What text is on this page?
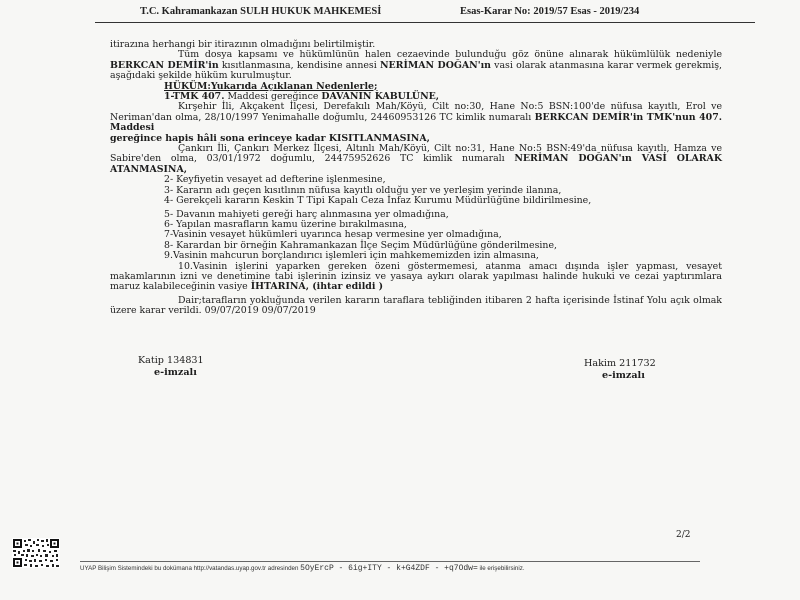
T.C. Kahramankazan SULH HUKUK MAHKEMESİ	Esas-Karar No: 2019/57 Esas - 2019/234

itirazına herhangi bir itirazının olmadığını belirtilmiştir.

Tüm dosya kapsamı ve hükümlünün halen cezaevinde bulunduğu göz önüne alınarak hükümlülük nedeniyle BERKCAN DEMİR'in kısıtlanmasına, kendisine annesi NERİMAN DOĞAN'ın vasi olarak atanmasına karar vermek gerekmiş, aşağıdaki şekilde hüküm kurulmuştur.

HÜKÜM:Yukarıda Açıklanan Nedenlerle;

1-TMK 407. Maddesi gereğince DAVANIN KABULÜNE,

Kırşehir İli, Akçakent İlçesi, Derefakılı Mah/Köyü, Cilt no:30, Hane No:5 BSN:100'de nüfusa kayıtlı, Erol ve Neriman'dan olma, 28/10/1997 Yenimahalle doğumlu, 24460953126 TC kimlik numaralı BERKCAN DEMİR'in TMK'nun 407. Maddesi
gereğince hapis hâli sona erinceye kadar KISITLANMASINA,

Çankırı İli, Çankırı Merkez İlçesi, Altınlı Mah/Köyü, Cilt no:31, Hane No:5 BSN:49'da nüfusa kayıtlı, Hamza ve Sabire'den olma, 03/01/1972 doğumlu, 24475952626 TC kimlik numaralı NERİMAN DOĞAN'ın VASİ OLARAK ATANMASINA,

2- Keyfiyetin vesayet ad defterine işlenmesine,

3- Kararın adı geçen kısıtlının nüfusa kayıtlı olduğu yer ve yerleşim yerinde ilanına,

4- Gerekçeli kararın Keskin T Tipi Kapalı Ceza İnfaz Kurumu Müdürlüğüne bildirilmesine,

5- Davanın mahiyeti gereği harç alınmasına yer olmadığına,

6- Yapılan masrafların kamu üzerine bırakılmasına,

7-Vasinin vesayet hükümleri uyarınca hesap vermesine yer olmadığına,

8- Karardan bir örneğin Kahramankazan İlçe Seçim Müdürlüğüne gönderilmesine,

9.Vasinin mahcurun borçlandırıcı işlemleri için mahkememizden izin almasına,

10.Vasinin işlerini yaparken gereken özeni göstermemesi, atanma amacı dışında işler yapması, vesayet makamlarının izni ve denetimine tabi işlerinin izinsiz ve yasaya aykırı olarak yapılması halinde hukuki ve cezai yaptırımlara maruz kalabileceğinin vasiye İHTARINA, (ihtar edildi )

Dair;tarafların yokluğunda verilen kararın taraflara tebliğinden itibaren 2 hafta içerisinde İstinaf Yolu açık olmak üzere karar verildi. 09/07/2019 09/07/2019

Katip 134831
e-imzalı
Hakim 211732
e-imzalı
2/2
UYAP Bilişim Sistemindeki bu dokümana http://vatandas.uyap.gov.tr adresinden 5OyErcP - 6ig+ITY - k+G4ZDF - +q7Odw= ile erişebilirsiniz.
